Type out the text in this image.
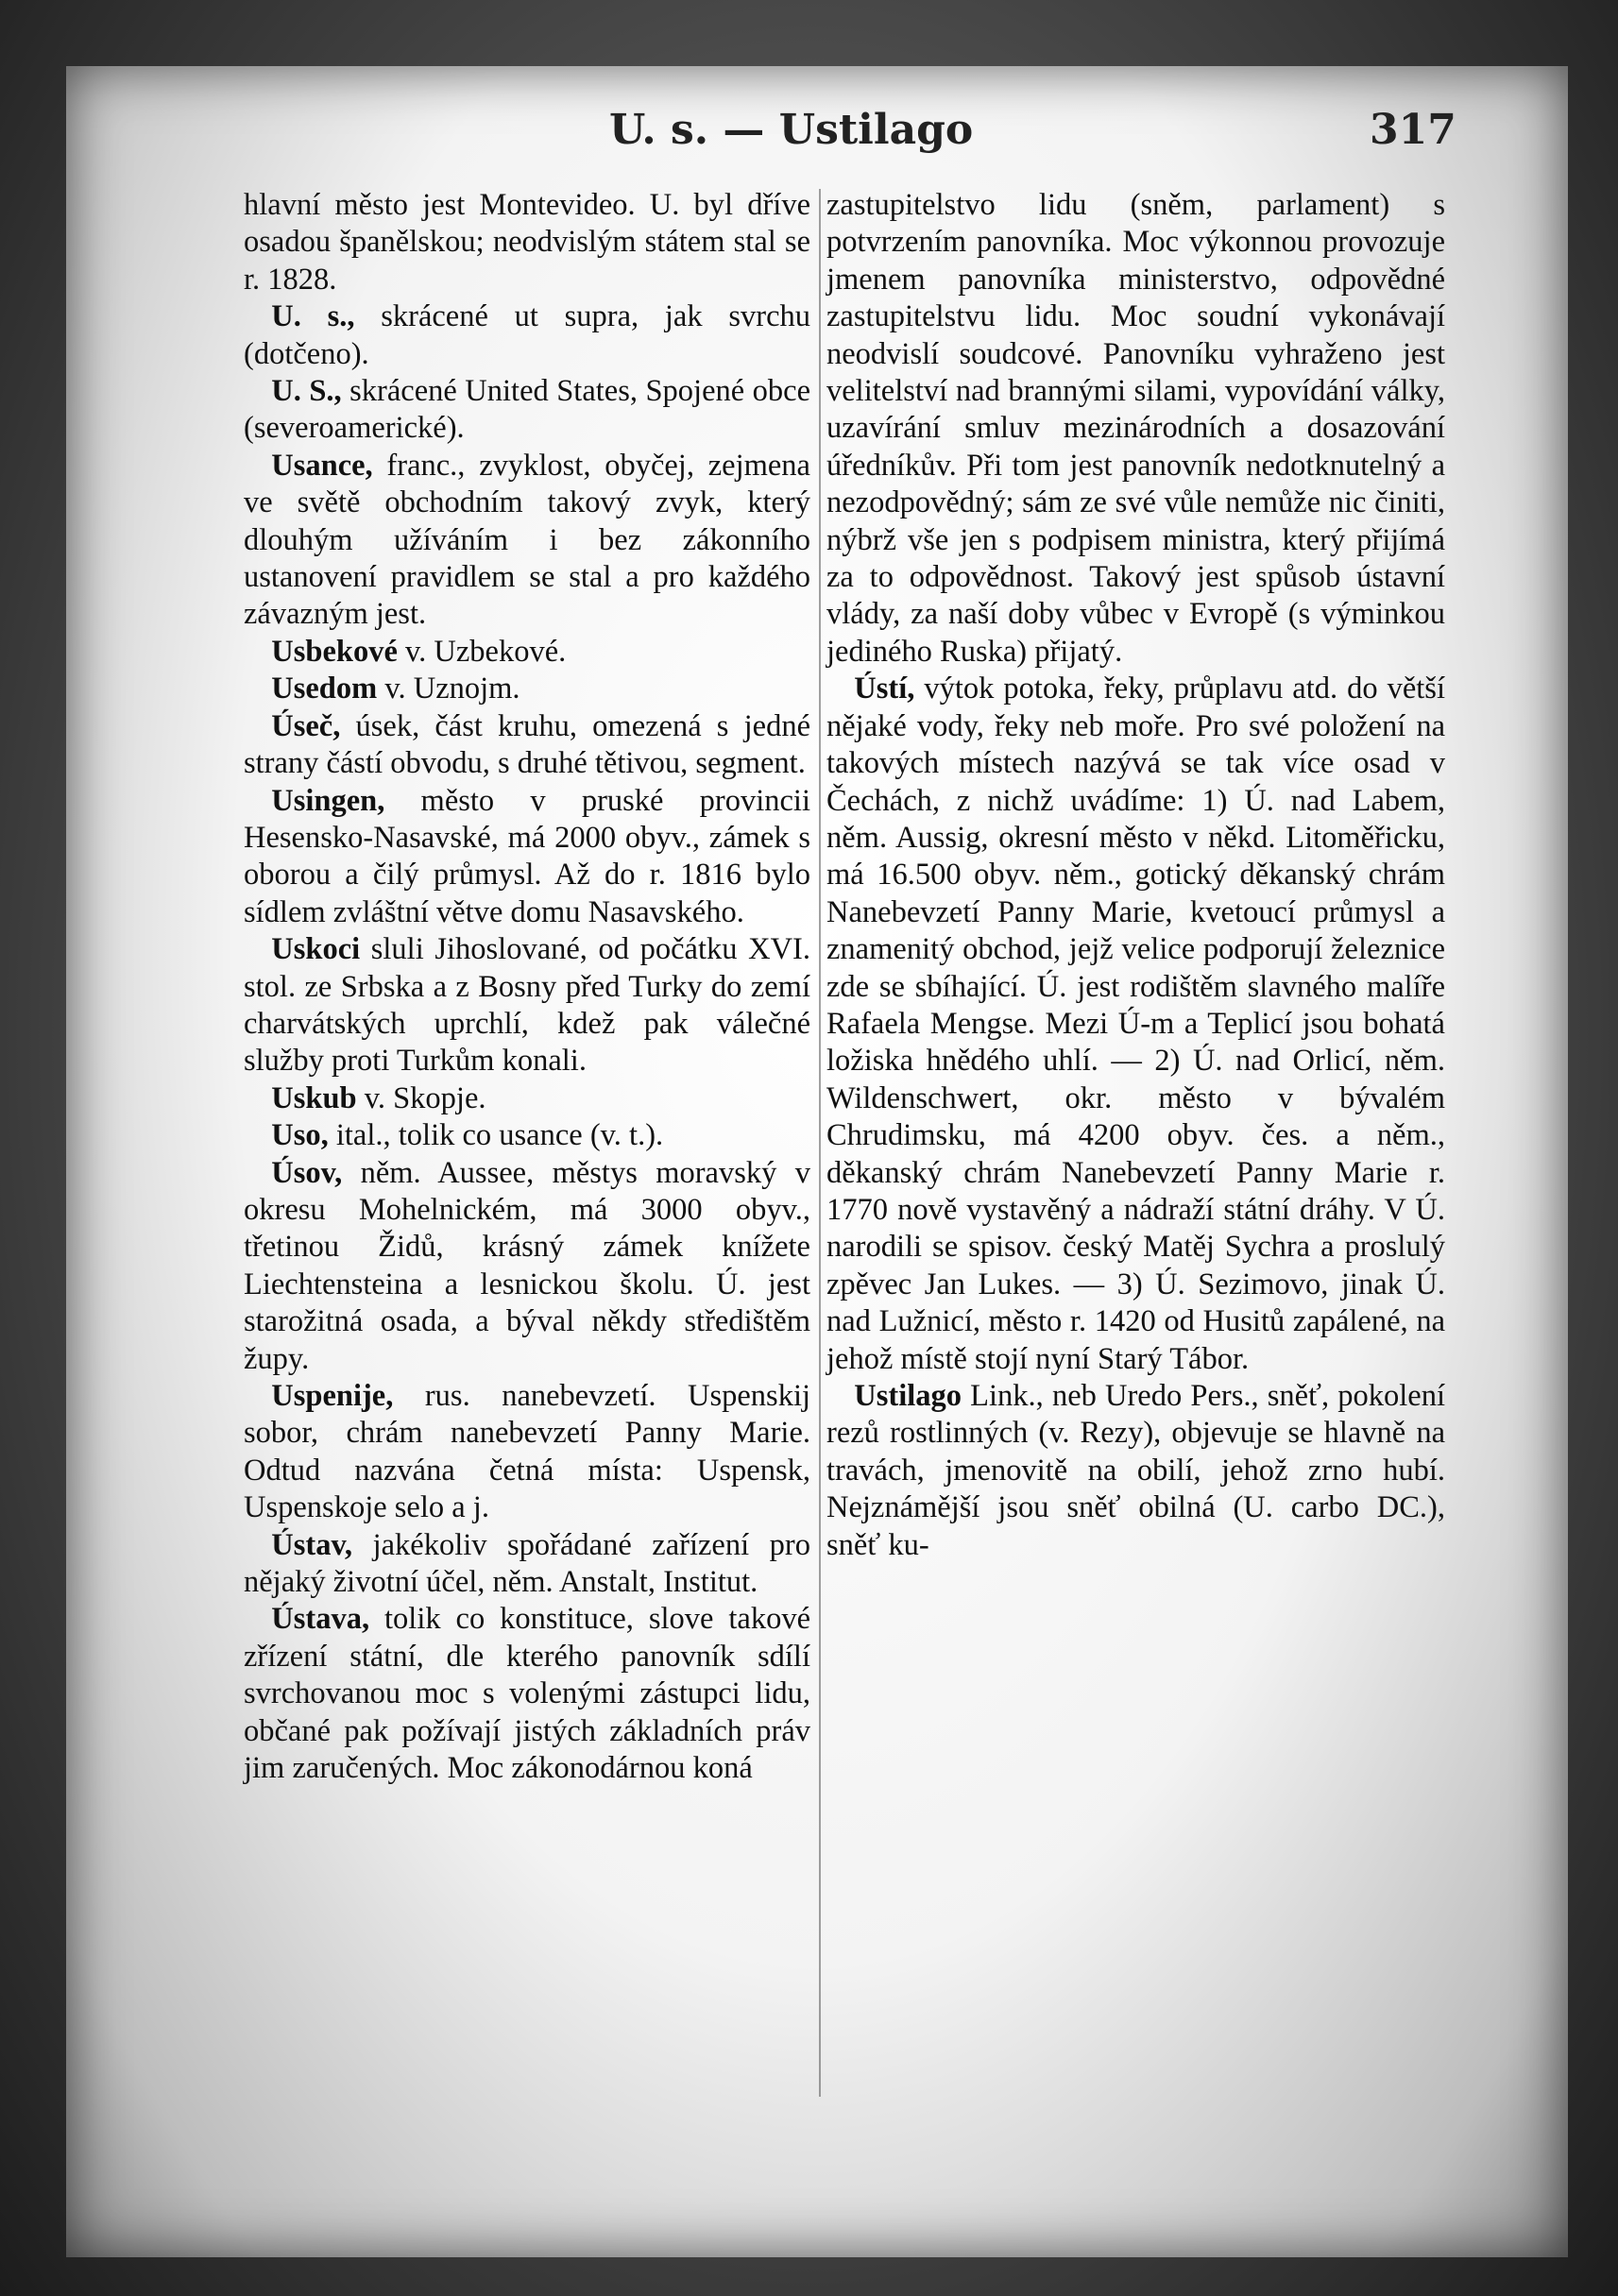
U. s. — Ustilago	317

hlavní město jest Montevideo. U. byl dříve osadou španělskou; neodvislým státem stal se r. 1828.

U. s., skrácené ut supra, jak svrchu (dotčeno).

U. S., skrácené United States, Spojené obce (severoamerické).

Usance, franc., zvyklost, obyčej, zejmena ve světě obchodním takový zvyk, který dlouhým užíváním i bez zákonního ustanovení pravidlem se stal a pro každého závazným jest.

Usbekové v. Uzbekové.

Usedom v. Uznojm.

Úseč, úsek, část kruhu, omezená s jedné strany částí obvodu, s druhé tětivou, segment.

Usingen, město v pruské provincii Hesensko-Nasavské, má 2000 obyv., zámek s oborou a čilý průmysl. Až do r. 1816 bylo sídlem zvláštní větve domu Nasavského.

Uskoci sluli Jihoslované, od počátku XVI. stol. ze Srbska a z Bosny před Turky do zemí charvátských uprchlí, kdež pak válečné služby proti Turkům konali.

Uskub v. Skopje.

Uso, ital., tolik co usance (v. t.).

Úsov, něm. Aussee, městys moravský v okresu Mohelnickém, má 3000 obyv., třetinou Židů, krásný zámek knížete Liechtensteina a lesnickou školu. Ú. jest starožitná osada, a býval někdy středištěm župy.

Uspenije, rus. nanebevzetí. Uspenskij sobor, chrám nanebevzetí Panny Marie. Odtud nazvána četná místa: Uspensk, Uspenskoje selo a j.

Ústav, jakékoliv spořádané zařízení pro nějaký životní účel, něm. Anstalt, Institut.

Ústava, tolik co konstituce, slove takové zřízení státní, dle kterého panovník sdílí svrchovanou moc s volenými zástupci lidu, občané pak požívají jistých základních práv jim zaručených. Moc zákonodárnou koná

zastupitelstvo lidu (sněm, parlament) s potvrzením panovníka. Moc výkonnou provozuje jmenem panovníka ministerstvo, odpovědné zastupitelstvu lidu. Moc soudní vykonávají neodvislí soudcové. Panovníku vyhraženo jest velitelství nad brannými silami, vypovídání války, uzavírání smluv mezinárodních a dosazování úředníkův. Při tom jest panovník nedotknutelný a nezodpovědný; sám ze své vůle nemůže nic činiti, nýbrž vše jen s podpisem ministra, který přijímá za to odpovědnost. Takový jest spůsob ústavní vlády, za naší doby vůbec v Evropě (s výminkou jediného Ruska) přijatý.

Ústí, výtok potoka, řeky, průplavu atd. do větší nějaké vody, řeky neb moře. Pro své položení na takových místech nazývá se tak více osad v Čechách, z nichž uvádíme: 1) Ú. nad Labem, něm. Aussig, okresní město v někd. Litoměřicku, má 16.500 obyv. něm., gotický děkanský chrám Nanebevzetí Panny Marie, kvetoucí průmysl a znamenitý obchod, jejž velice podporují železnice zde se sbíhající. Ú. jest rodištěm slavného malíře Rafaela Mengse. Mezi Ú-m a Teplicí jsou bohatá ložiska hnědého uhlí. — 2) Ú. nad Orlicí, něm. Wildenschwert, okr. město v bývalém Chrudimsku, má 4200 obyv. čes. a něm., děkanský chrám Nanebevzetí Panny Marie r. 1770 nově vystavěný a nádraží státní dráhy. V Ú. narodili se spisov. český Matěj Sychra a proslulý zpěvec Jan Lukes. — 3) Ú. Sezimovo, jinak Ú. nad Lužnicí, město r. 1420 od Husitů zapálené, na jehož místě stojí nyní Starý Tábor.

Ustilago Link., neb Uredo Pers., sněť, pokolení rezů rostlinných (v. Rezy), objevuje se hlavně na travách, jmenovitě na obilí, jehož zrno hubí. Nejznámější jsou sněť obilná (U. carbo DC.), sněť ku-
